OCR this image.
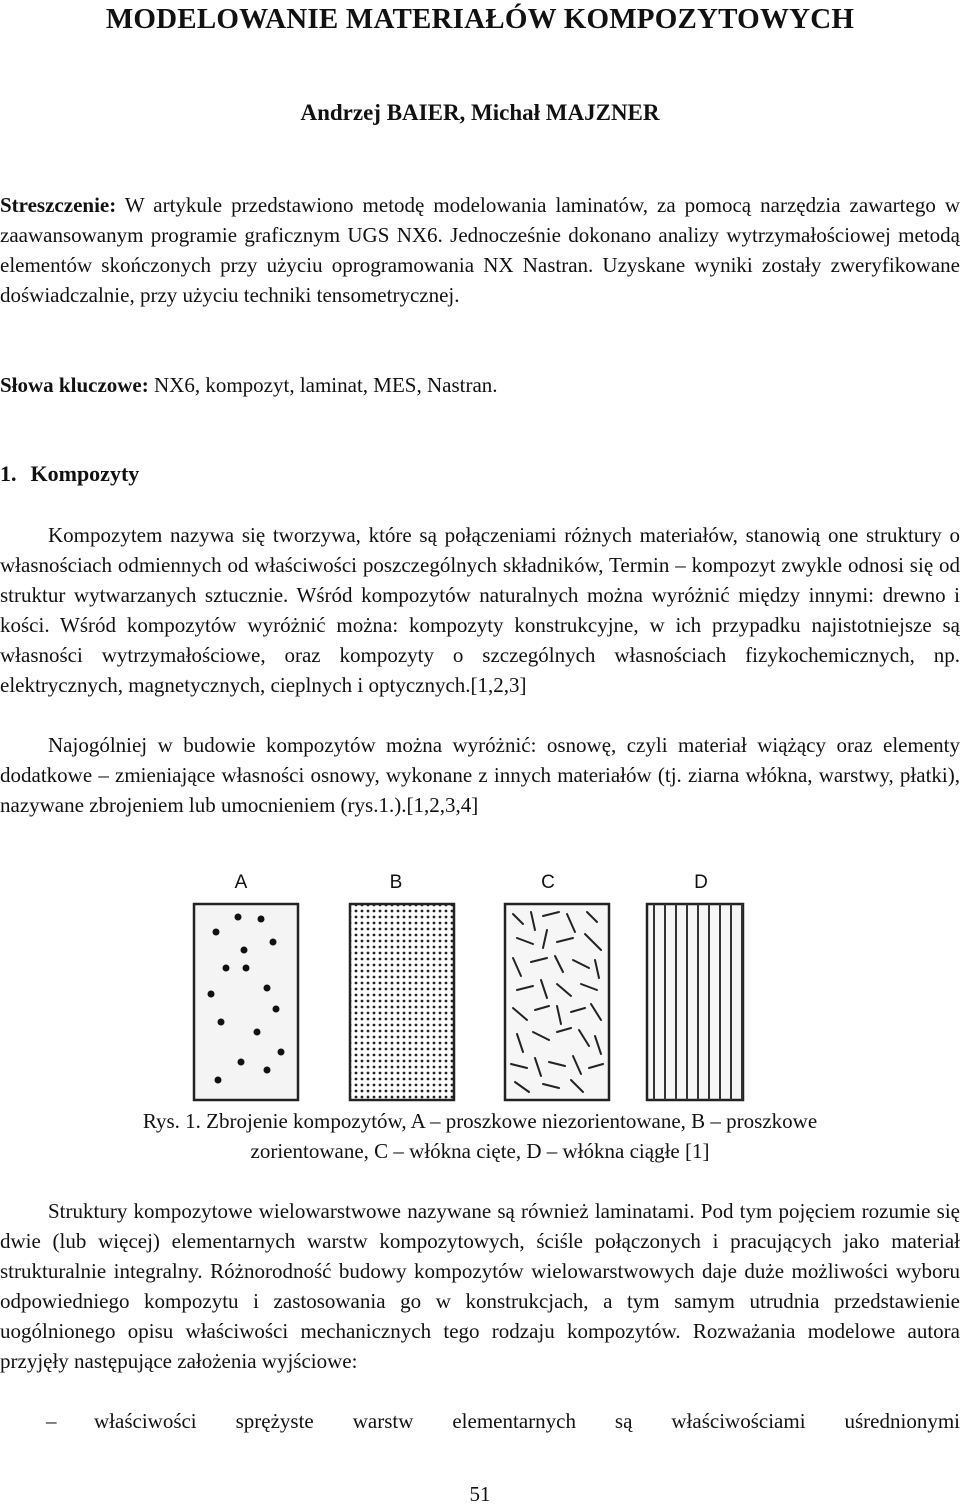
MODELOWANIE MATERIAŁÓW KOMPOZYTOWYCH
Andrzej BAIER, Michał MAJZNER

Streszczenie: W artykule przedstawiono metodę modelowania laminatów, za pomocą narzędzia zawartego w zaawansowanym programie graficznym UGS NX6. Jednocześnie dokonano analizy wytrzymałościowej metodą elementów skończonych przy użyciu oprogramowania NX Nastran. Uzyskane wyniki zostały zweryfikowane doświadczalnie, przy użyciu techniki tensometrycznej.

Słowa kluczowe: NX6, kompozyt, laminat, MES, Nastran.

1. Kompozyty

Kompozytem nazywa się tworzywa, które są połączeniami różnych materiałów, stanowią one struktury o własnościach odmiennych od właściwości poszczególnych składników, Termin – kompozyt zwykle odnosi się od struktur wytwarzanych sztucznie. Wśród kompozytów naturalnych można wyróżnić między innymi: drewno i kości. Wśród kompozytów wyróżnić można: kompozyty konstrukcyjne, w ich przypadku najistotniejsze są własności wytrzymałościowe, oraz kompozyty o szczególnych własnościach fizykochemicznych, np. elektrycznych, magnetycznych, cieplnych i optycznych.[1,2,3]

Najogólniej w budowie kompozytów można wyróżnić: osnowę, czyli materiał wiążący oraz elementy dodatkowe – zmieniające własności osnowy, wykonane z innych materiałów (tj. ziarna włókna, warstwy, płatki), nazywane zbrojeniem lub umocnieniem (rys.1.).[1,2,3,4]

A	B	C	D
Rys. 1. Zbrojenie kompozytów, A – proszkowe niezorientowane, B – proszkowe
zorientowane, C – włókna cięte, D – włókna ciągłe [1]

Struktury kompozytowe wielowarstwowe nazywane są również laminatami. Pod tym pojęciem rozumie się dwie (lub więcej) elementarnych warstw kompozytowych, ściśle połączonych i pracujących jako materiał strukturalnie integralny. Różnorodność budowy kompozytów wielowarstwowych daje duże możliwości wyboru odpowiedniego kompozytu i zastosowania go w konstrukcjach, a tym samym utrudnia przedstawienie uogólnionego opisu właściwości mechanicznych tego rodzaju kompozytów. Rozważania modelowe autora przyjęły następujące założenia wyjściowe:

– właściwości sprężyste warstw elementarnych są właściwościami uśrednionymi
51
